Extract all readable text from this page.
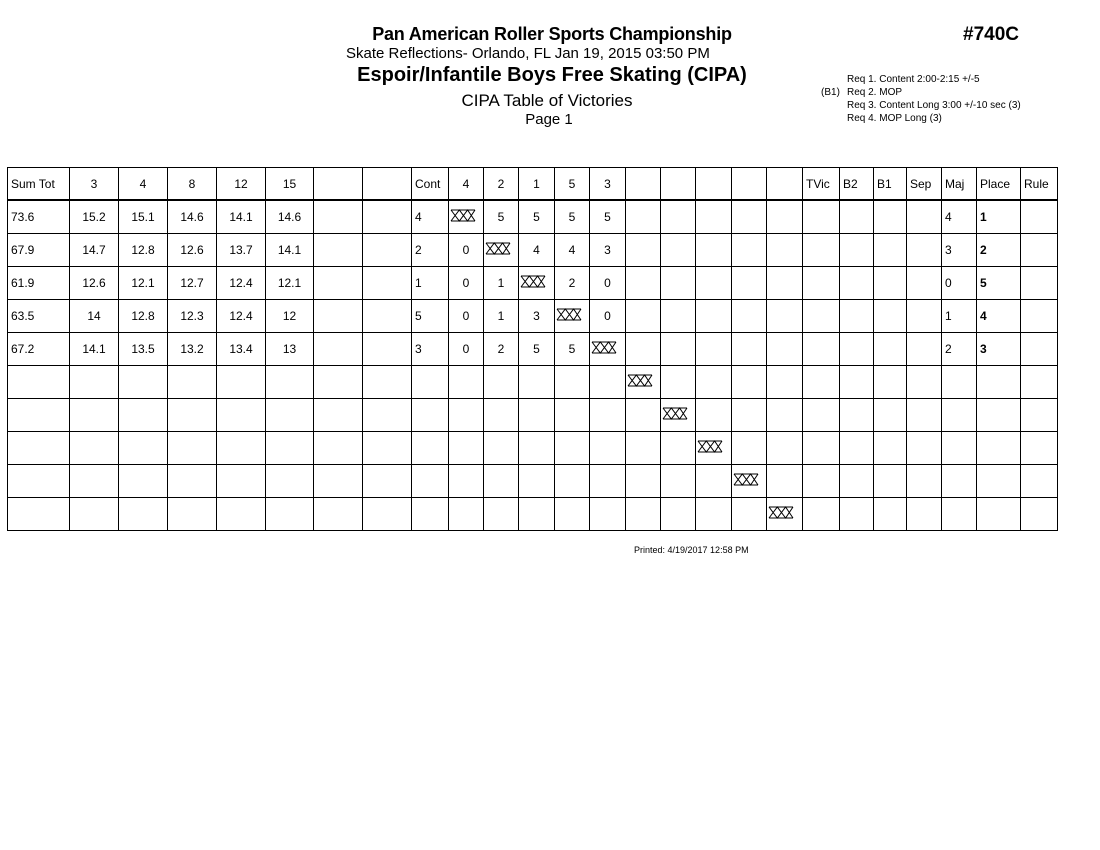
Pan American Roller Sports Championship	#740C
Skate Reflections- Orlando, FL Jan 19, 2015 03:50 PM
Espoir/Infantile Boys Free Skating (CIPA)
CIPA Table of Victories
Page 1
Req 1. Content 2:00-2:15 +/-5
(B1) Req 2. MOP
Req 3. Content Long 3:00 +/-10 sec (3)
Req 4. MOP Long (3)
Sum Tot	3	4	8	12	15			Cont	4	2	1	5	3						TVic	B2	B1	Sep	Maj	Place	Rule
73.6	15.2	15.1	14.6	14.1	14.6			4		5	5	5	5										4	1	
67.9	14.7	12.8	12.6	13.7	14.1			2	0		4	4	3										3	2	
61.9	12.6	12.1	12.7	12.4	12.1			1	0	1		2	0										0	5	
63.5	14	12.8	12.3	12.4	12			5	0	1	3		0										1	4	
67.2	14.1	13.5	13.2	13.4	13			3	0	2	5	5											2	3	

Printed: 4/19/2017 12:58 PM
